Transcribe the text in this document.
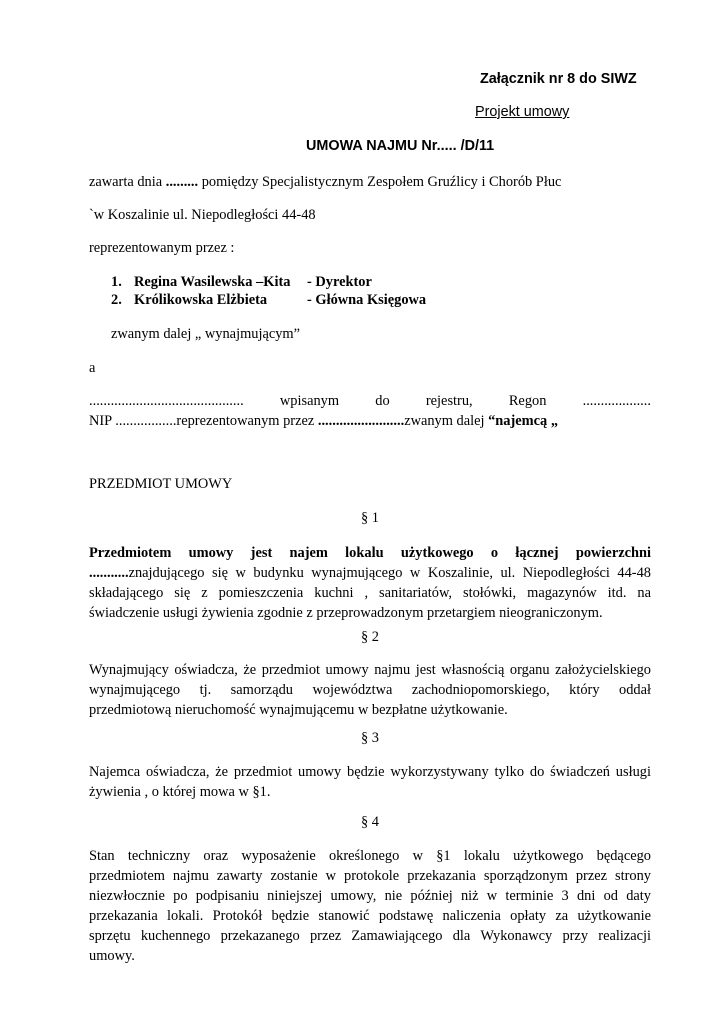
Załącznik nr 8 do SIWZ
Projekt umowy
UMOWA NAJMU Nr..... /D/11
zawarta dnia ......... pomiędzy Specjalistycznym Zespołem Gruźlicy i Chorób Płuc
`w Koszalinie ul. Niepodległości 44-48
reprezentowanym przez :
1. Regina Wasilewska –Kita - Dyrektor
2. Królikowska Elżbieta	- Główna Księgowa
zwanym dalej „ wynajmującym”
a
...........................................	wpisanym	do	rejestru,	Regon	...................
NIP .................reprezentowanym przez ........................zwanym dalej “najemcą „
PRZEDMIOT UMOWY
§ 1
Przedmiotem umowy jest najem lokalu użytkowego o łącznej powierzchni
...........znajdującego się w budynku wynajmującego w Koszalinie, ul. Niepodległości 44-48
składającego się z pomieszczenia kuchni , sanitariatów, stołówki, magazynów itd. na
świadczenie usługi żywienia zgodnie z przeprowadzonym przetargiem nieograniczonym.
§ 2
Wynajmujący oświadcza, że przedmiot umowy najmu jest własnością organu założycielskiego
wynajmującego tj. samorządu województwa zachodniopomorskiego, który oddał
przedmiotową nieruchomość wynajmującemu w bezpłatne użytkowanie.
§ 3
Najemca oświadcza, że przedmiot umowy będzie wykorzystywany tylko do świadczeń usługi
żywienia , o której mowa w §1.
§ 4
Stan techniczny oraz wyposażenie określonego w §1 lokalu użytkowego będącego
przedmiotem najmu zawarty zostanie w protokole przekazania sporządzonym przez strony
niezwłocznie po podpisaniu niniejszej umowy, nie później niż w terminie 3 dni od daty
przekazania lokali. Protokół będzie stanowić podstawę naliczenia opłaty za użytkowanie
sprzętu kuchennego przekazanego przez Zamawiającego dla Wykonawcy przy realizacji
umowy.
